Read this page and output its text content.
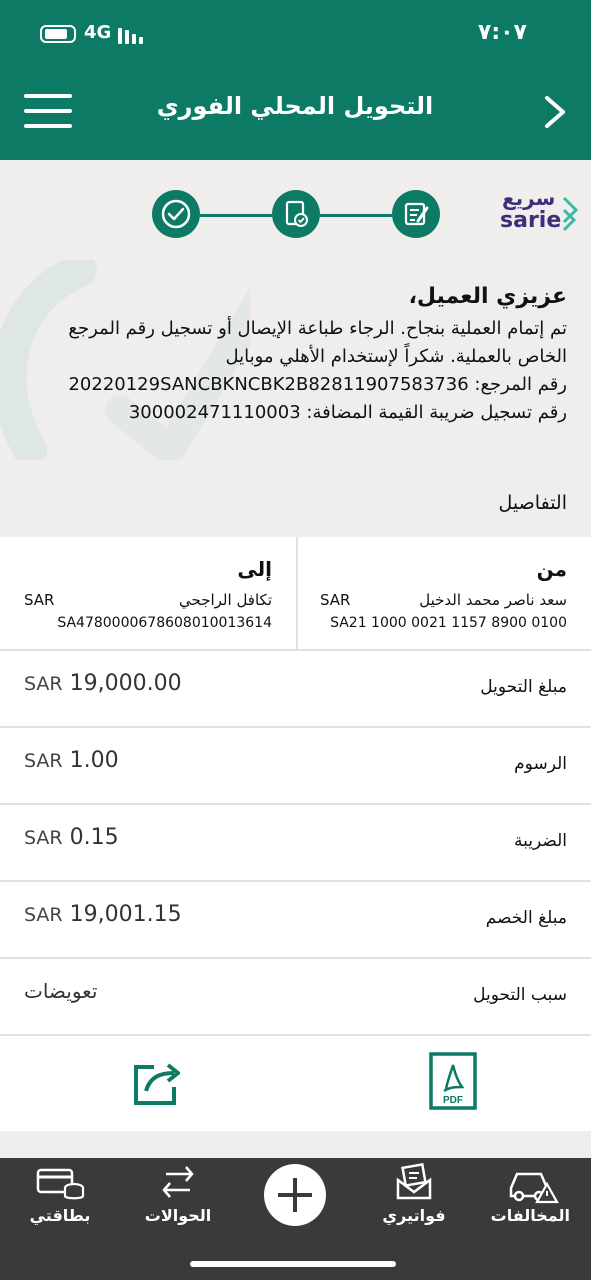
4G	٧:٠٧
التحويل المحلي الفوري
سريع
sarie
عزيزي العميل،

تم إتمام العملية بنجاح. الرجاء طباعة الإيصال أو تسجيل رقم المرجع

الخاص بالعملية. شكراً لإستخدام الأهلي موبايل

رقم المرجع: 20220129SANCBKNCBK2B82811907583736

رقم تسجيل ضريبة القيمة المضافة: 300002471110003

التفاصيل
من
سعد ناصر محمد الدخيل
SAR
SA21 1000 0021 1157 8900 0100
إلى
تكافل الراجحي
SAR
SA4780000678608010013614
مبلغ التحويل
SAR 19,000.00
الرسوم
SAR 1.00
الضريبة
SAR 0.15
مبلغ الخصم
SAR 19,001.15
سبب التحويل
تعويضات
PDF
المخالفات
فواتيري
الحوالات
بطاقتي
